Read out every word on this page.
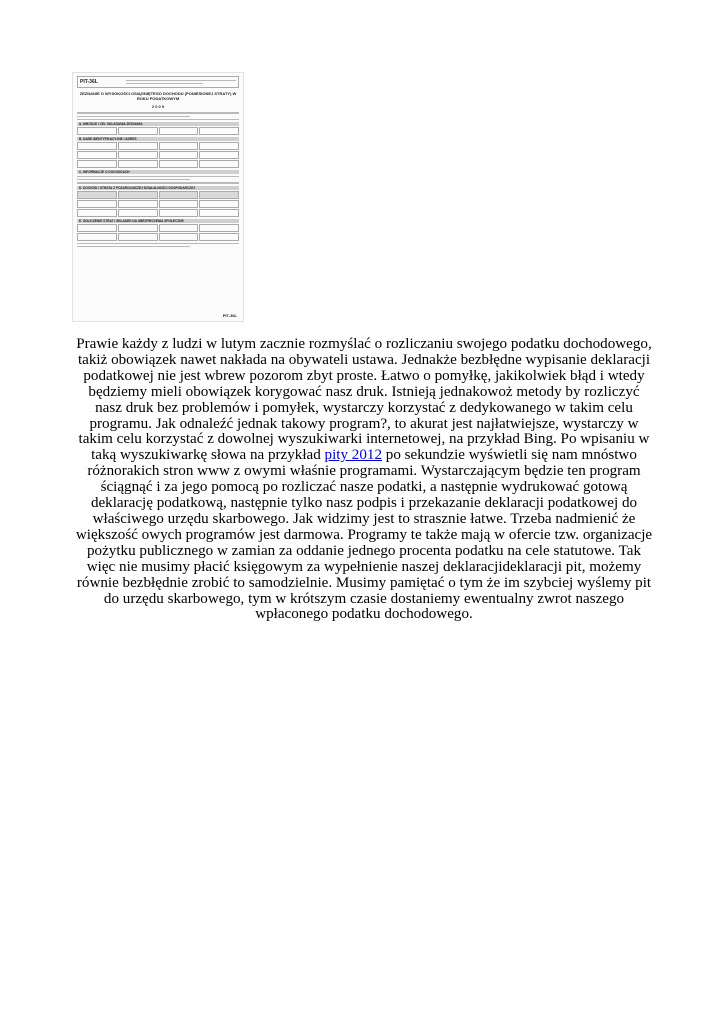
PIT-36L
ZEZNANIE O WYSOKOŚCI OSIĄGNIĘTEGO DOCHODU (PONIESIONEJ STRATY) W ROKU PODATKOWYM
2 0 0 9
A. MIEJSCE I CEL SKŁADANIA ZEZNANIA
B. DANE IDENTYFIKACYJNE I ADRES
C. INFORMACJE O DOCHODACH
D. DOCHÓD / STRATA Z POZAROLNICZEJ DZIAŁALNOŚCI GOSPODARCZEJ
E. ODLICZENIE STRAT I SKŁADEK NA UBEZPIECZENIA SPOŁECZNE
PIT-36L
Prawie każdy z ludzi w lutym zacznie rozmyślać o rozliczaniu swojego podatku dochodowego, takiż obowiązek nawet nakłada na obywateli ustawa. Jednakże bezbłędne wypisanie deklaracji podatkowej nie jest wbrew pozorom zbyt proste. Łatwo o pomyłkę, jakikolwiek błąd i wtedy będziemy mieli obowiązek korygować nasz druk. Istnieją jednakowoż metody by rozliczyć nasz druk bez problemów i pomyłek, wystarczy korzystać z dedykowanego w takim celu programu. Jak odnaleźć jednak takowy program?, to akurat jest najłatwiejsze, wystarczy w takim celu korzystać z dowolnej wyszukiwarki internetowej, na przykład Bing. Po wpisaniu w taką wyszukiwarkę słowa na przykład pity 2012 po sekundzie wyświetli się nam mnóstwo różnorakich stron www z owymi właśnie programami. Wystarczającym będzie ten program ściągnąć i za jego pomocą po rozliczać nasze podatki, a następnie wydrukować gotową deklarację podatkową, następnie tylko nasz podpis i przekazanie deklaracji podatkowej do właściwego urzędu skarbowego. Jak widzimy jest to strasznie łatwe. Trzeba nadmienić że większość owych programów jest darmowa. Programy te także mają w ofercie tzw. organizacje pożytku publicznego w zamian za oddanie jednego procenta podatku na cele statutowe. Tak więc nie musimy płacić księgowym za wypełnienie naszej deklaracjideklaracji pit, możemy równie bezbłędnie zrobić to samodzielnie. Musimy pamiętać o tym że im szybciej wyślemy pit do urzędu skarbowego, tym w krótszym czasie dostaniemy ewentualny zwrot naszego wpłaconego podatku dochodowego.
